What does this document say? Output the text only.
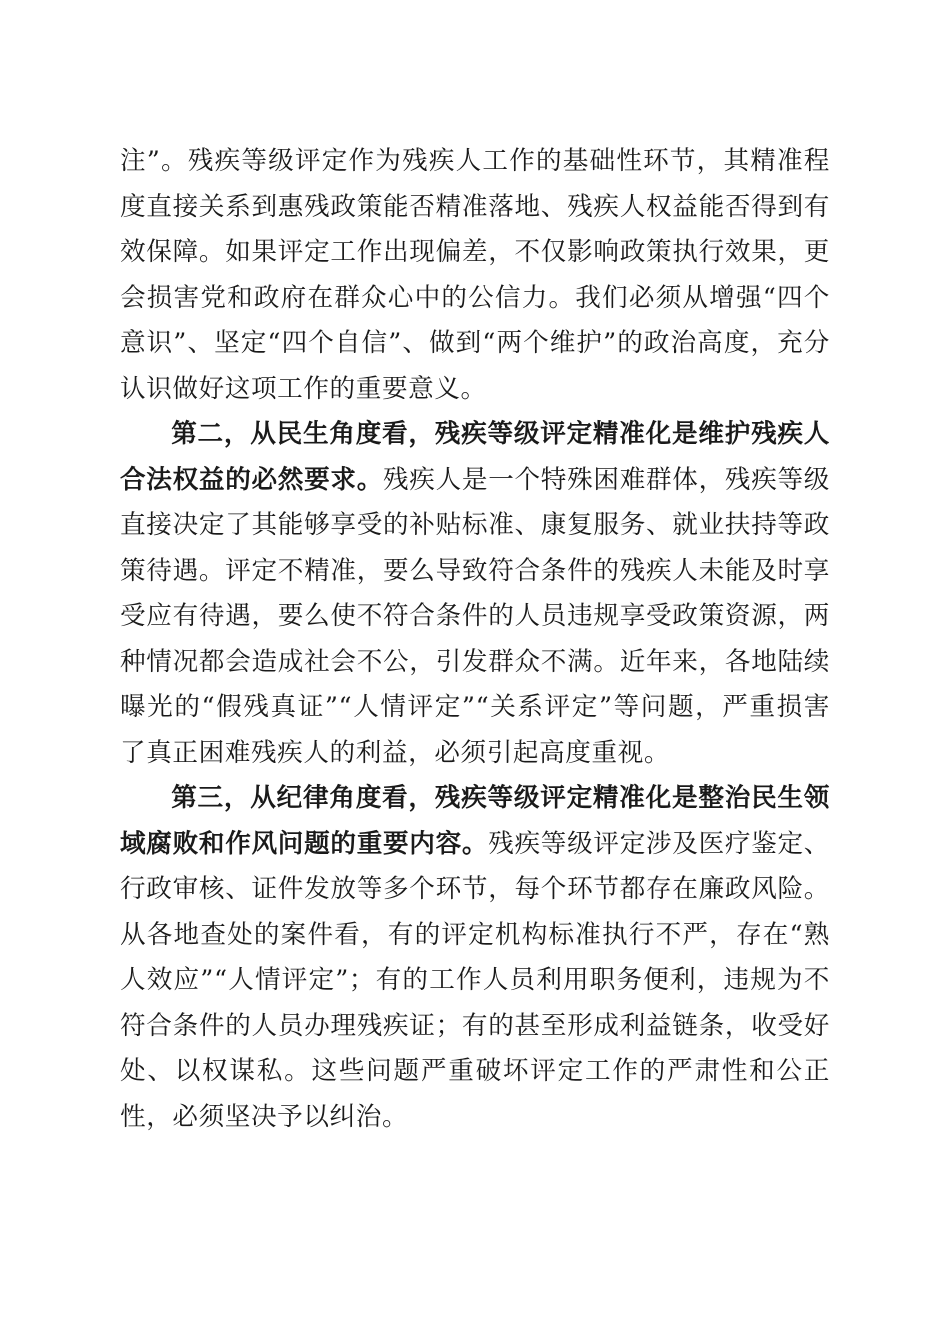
注”。残疾等级评定作为残疾人工作的基础性环节，其精准程度直接关系到惠残政策能否精准落地、残疾人权益能否得到有效保障。如果评定工作出现偏差，不仅影响政策执行效果，更会损害党和政府在群众心中的公信力。我们必须从增强“四个意识”、坚定“四个自信”、做到“两个维护”的政治高度，充分认识做好这项工作的重要意义。

第二，从民生角度看，残疾等级评定精准化是维护残疾人合法权益的必然要求。残疾人是一个特殊困难群体，残疾等级直接决定了其能够享受的补贴标准、康复服务、就业扶持等政策待遇。评定不精准，要么导致符合条件的残疾人未能及时享受应有待遇，要么使不符合条件的人员违规享受政策资源，两种情况都会造成社会不公，引发群众不满。近年来，各地陆续曝光的“假残真证”“人情评定”“关系评定”等问题，严重损害了真正困难残疾人的利益，必须引起高度重视。

第三，从纪律角度看，残疾等级评定精准化是整治民生领域腐败和作风问题的重要内容。残疾等级评定涉及医疗鉴定、行政审核、证件发放等多个环节，每个环节都存在廉政风险。从各地查处的案件看，有的评定机构标准执行不严，存在“熟人效应”“人情评定”；有的工作人员利用职务便利，违规为不符合条件的人员办理残疾证；有的甚至形成利益链条，收受好处、以权谋私。这些问题严重破坏评定工作的严肃性和公正性，必须坚决予以纠治。
